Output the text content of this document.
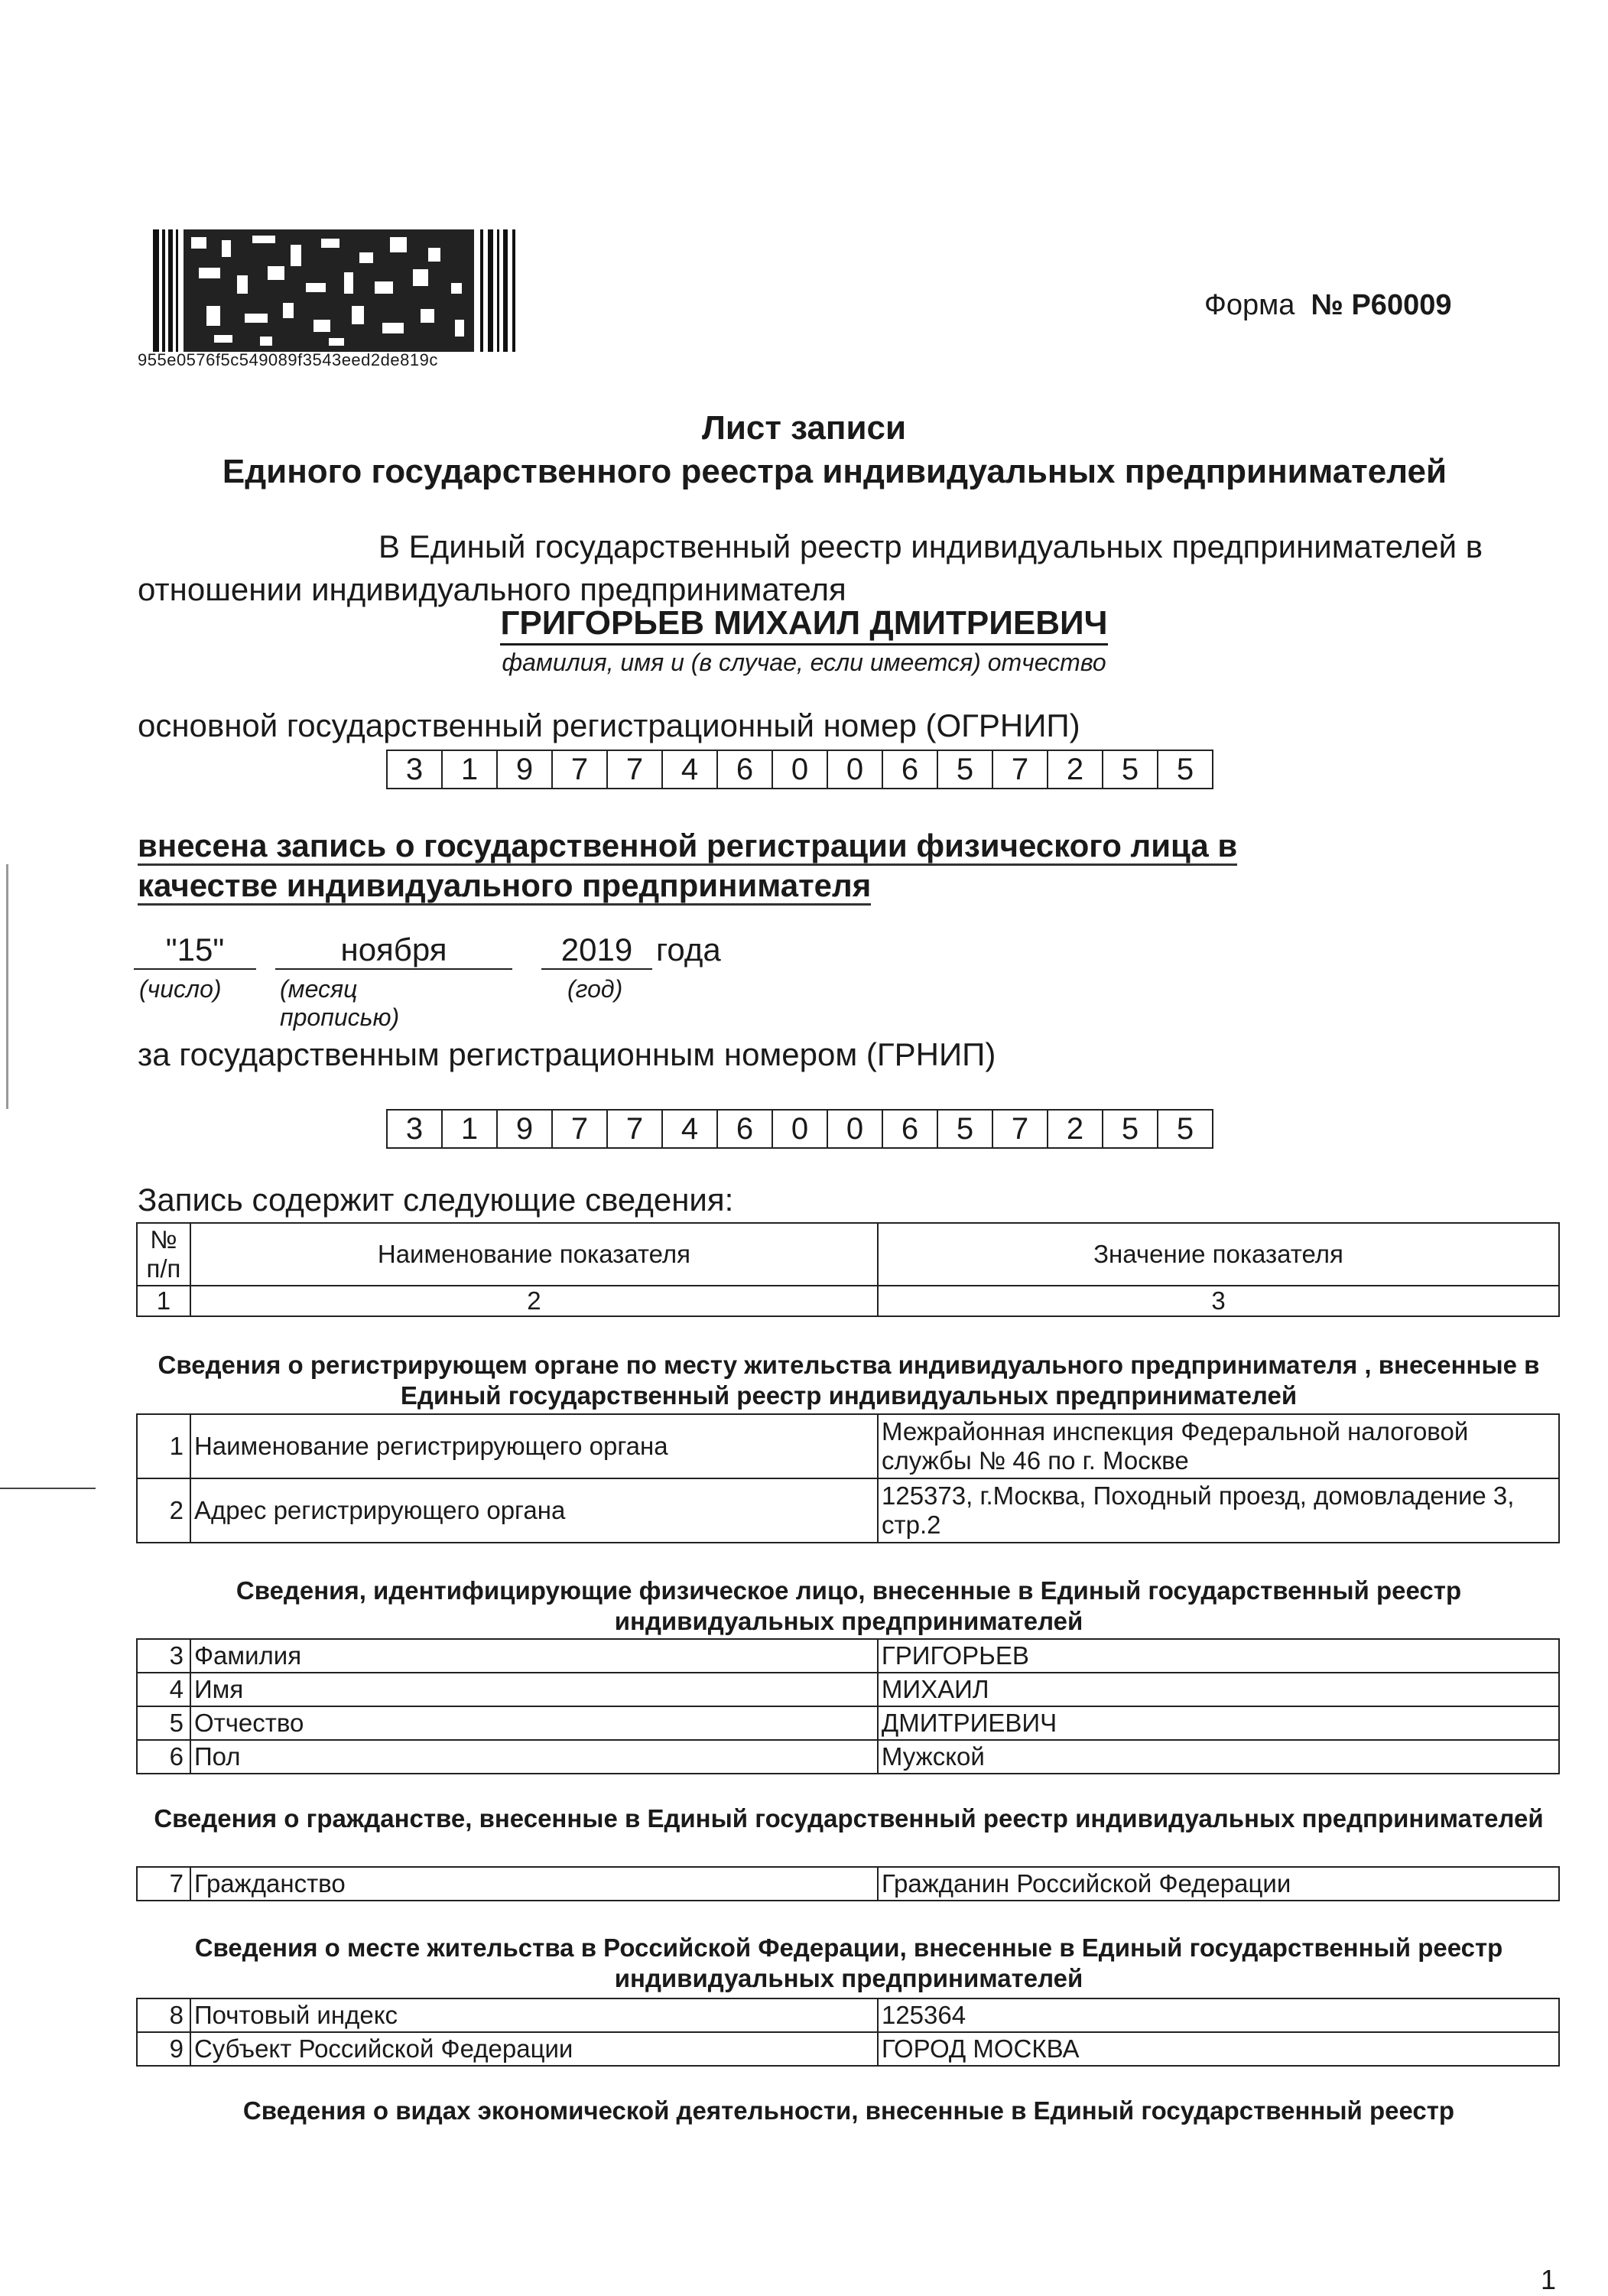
955e0576f5c549089f3543eed2de819c
Форма № Р60009
Лист записи
Единого государственного реестра индивидуальных предпринимателей
В Единый государственный реестр индивидуальных предпринимателей в отношении индивидуального предпринимателя
ГРИГОРЬЕВ МИХАИЛ ДМИТРИЕВИЧ
фамилия, имя и (в случае, если имеется) отчество
основной государственный регистрационный номер (ОГРНИП)
3	1	9	7	7	4	6	0	0	6	5	7	2	5	5
внесена запись о государственной регистрации физического лица в
качестве индивидуального предпринимателя
"15"	ноября	2019 года
(число) (месяц прописью)
(год)
за государственным регистрационным номером (ГРНИП)
3	1	9	7	7	4	6	0	0	6	5	7	2	5	5
Запись содержит следующие сведения:
№ п/п	Наименование показателя	Значение показателя
1	2	3
Сведения о регистрирующем органе по месту жительства индивидуального предпринимателя , внесенные в Единый государственный реестр индивидуальных предпринимателей
1	Наименование регистрирующего органа	Межрайонная инспекция Федеральной налоговой службы № 46 по г. Москве
2	Адрес регистрирующего органа	125373, г.Москва, Походный проезд, домовладение 3, стр.2
Сведения, идентифицирующие физическое лицо, внесенные в Единый государственный реестр индивидуальных предпринимателей
3	Фамилия	ГРИГОРЬЕВ
4	Имя	МИХАИЛ
5	Отчество	ДМИТРИЕВИЧ
6	Пол	Мужской
Сведения о гражданстве, внесенные в Единый государственный реестр индивидуальных предпринимателей
7	Гражданство	Гражданин Российской Федерации
Сведения о месте жительства в Российской Федерации, внесенные в Единый государственный реестр индивидуальных предпринимателей
8	Почтовый индекс	125364
9	Субъект Российской Федерации	ГОРОД МОСКВА
Сведения о видах экономической деятельности, внесенные в Единый государственный реестр
1
